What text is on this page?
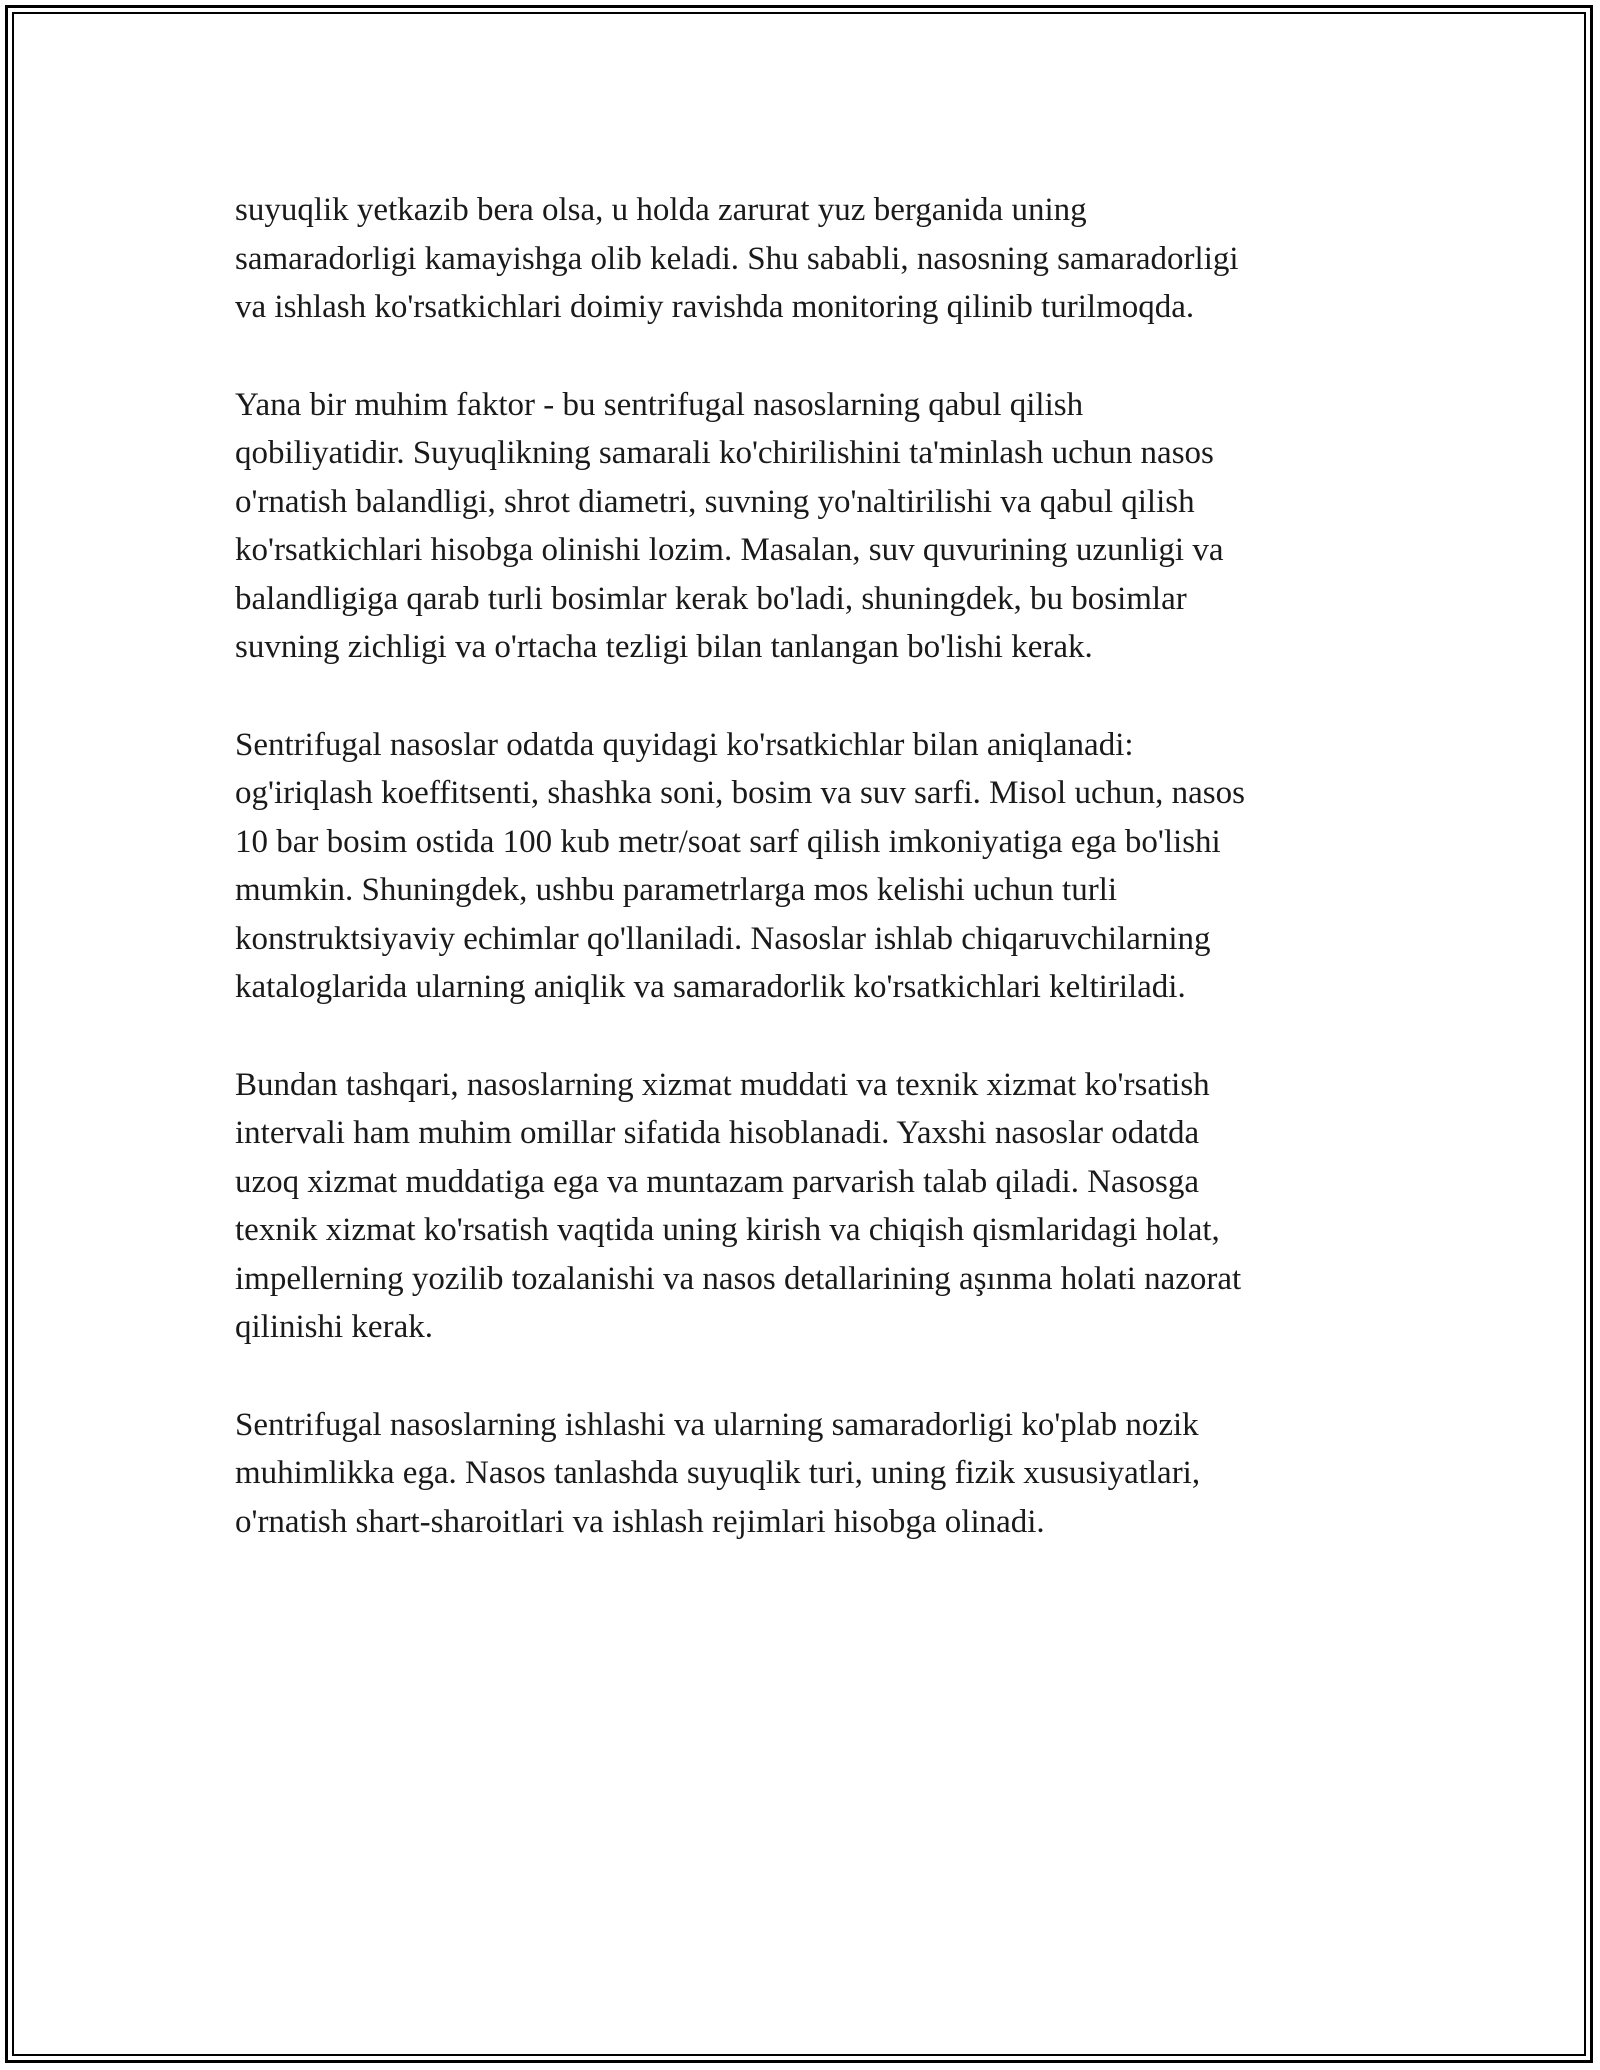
suyuqlik yetkazib bera olsa, u holda zarurat yuz berganida uning
samaradorligi kamayishga olib keladi. Shu sababli, nasosning samaradorligi
va ishlash ko'rsatkichlari doimiy ravishda monitoring qilinib turilmoqda.

Yana bir muhim faktor - bu sentrifugal nasoslarning qabul qilish
qobiliyatidir. Suyuqlikning samarali ko'chirilishini ta'minlash uchun nasos
o'rnatish balandligi, shrot diametri, suvning yo'naltirilishi va qabul qilish
ko'rsatkichlari hisobga olinishi lozim. Masalan, suv quvurining uzunligi va
balandligiga qarab turli bosimlar kerak bo'ladi, shuningdek, bu bosimlar
suvning zichligi va o'rtacha tezligi bilan tanlangan bo'lishi kerak.

Sentrifugal nasoslar odatda quyidagi ko'rsatkichlar bilan aniqlanadi:
og'iriqlash koeffitsenti, shashka soni, bosim va suv sarfi. Misol uchun, nasos
10 bar bosim ostida 100 kub metr/soat sarf qilish imkoniyatiga ega bo'lishi
mumkin. Shuningdek, ushbu parametrlarga mos kelishi uchun turli
konstruktsiyaviy echimlar qo'llaniladi. Nasoslar ishlab chiqaruvchilarning
kataloglarida ularning aniqlik va samaradorlik ko'rsatkichlari keltiriladi.

Bundan tashqari, nasoslarning xizmat muddati va texnik xizmat ko'rsatish
intervali ham muhim omillar sifatida hisoblanadi. Yaxshi nasoslar odatda
uzoq xizmat muddatiga ega va muntazam parvarish talab qiladi. Nasosga
texnik xizmat ko'rsatish vaqtida uning kirish va chiqish qismlaridagi holat,
impellerning yozilib tozalanishi va nasos detallarining aşınma holati nazorat
qilinishi kerak.

Sentrifugal nasoslarning ishlashi va ularning samaradorligi ko'plab nozik
muhimlikka ega. Nasos tanlashda suyuqlik turi, uning fizik xususiyatlari,
o'rnatish shart-sharoitlari va ishlash rejimlari hisobga olinadi.
